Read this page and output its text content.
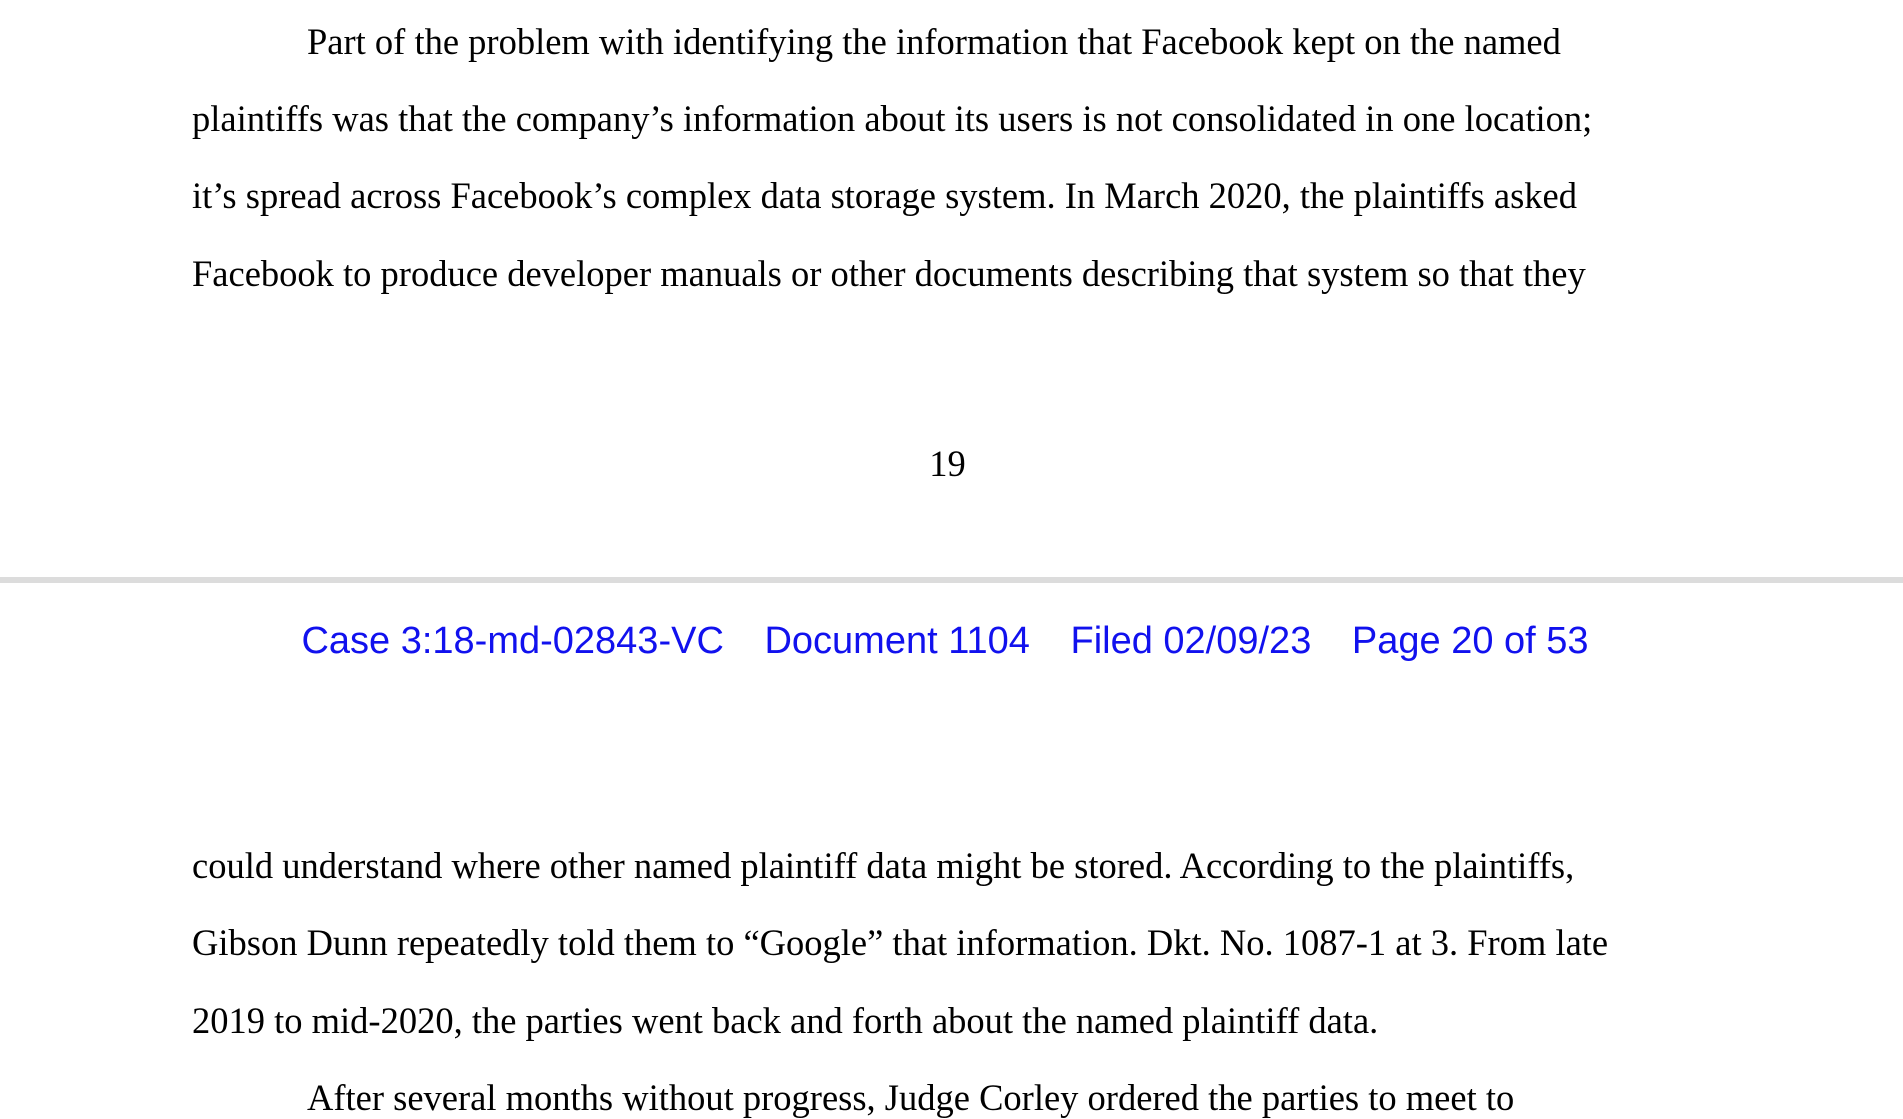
Part of the problem with identifying the information that Facebook kept on the named
plaintiffs was that the company’s information about its users is not consolidated in one location;
it’s spread across Facebook’s complex data storage system. In March 2020, the plaintiffs asked
Facebook to produce developer manuals or other documents describing that system so that they
19
Case 3:18-md-02843-VC Document 1104 Filed 02/09/23 Page 20 of 53
could understand where other named plaintiff data might be stored. According to the plaintiffs,
Gibson Dunn repeatedly told them to “Google” that information. Dkt. No. 1087-1 at 3. From late
2019 to mid-2020, the parties went back and forth about the named plaintiff data.
After several months without progress, Judge Corley ordered the parties to meet to
